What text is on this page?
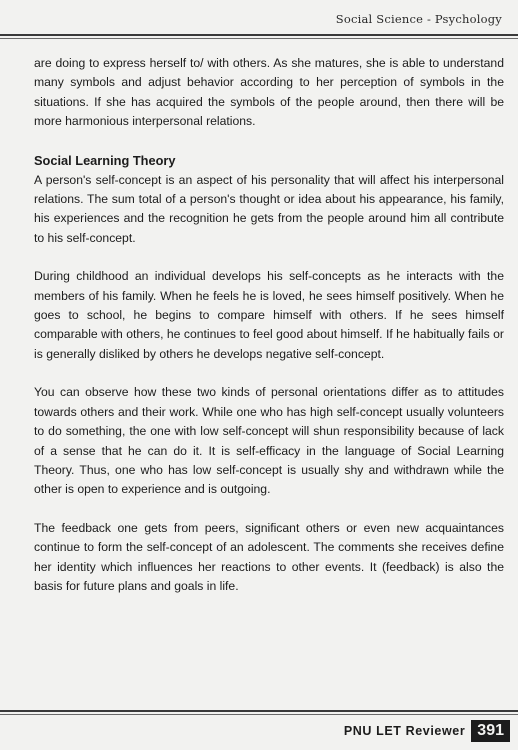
Social Science - Psychology

are doing to express herself to/ with others. As she matures, she is able to understand many symbols and adjust behavior according to her perception of symbols in the situations. If she has acquired the symbols of the people around, then there will be more harmonious interpersonal relations.

Social Learning Theory

A person's self-concept is an aspect of his personality that will affect his interpersonal relations. The sum total of a person's thought or idea about his appearance, his family, his experiences and the recognition he gets from the people around him all contribute to his self-concept.

During childhood an individual develops his self-concepts as he interacts with the members of his family. When he feels he is loved, he sees himself positively. When he goes to school, he begins to compare himself with others. If he sees himself comparable with others, he continues to feel good about himself. If he habitually fails or is generally disliked by others he develops negative self-concept.

You can observe how these two kinds of personal orientations differ as to attitudes towards others and their work. While one who has high self-concept usually volunteers to do something, the one with low self-concept will shun responsibility because of lack of a sense that he can do it. It is self-efficacy in the language of Social Learning Theory. Thus, one who has low self-concept is usually shy and withdrawn while the other is open to experience and is outgoing.

The feedback one gets from peers, significant others or even new acquaintances continue to form the self-concept of an adolescent. The comments she receives define her identity which influences her reactions to other events. It (feedback) is also the basis for future plans and goals in life.

PNU LET Reviewer 391
